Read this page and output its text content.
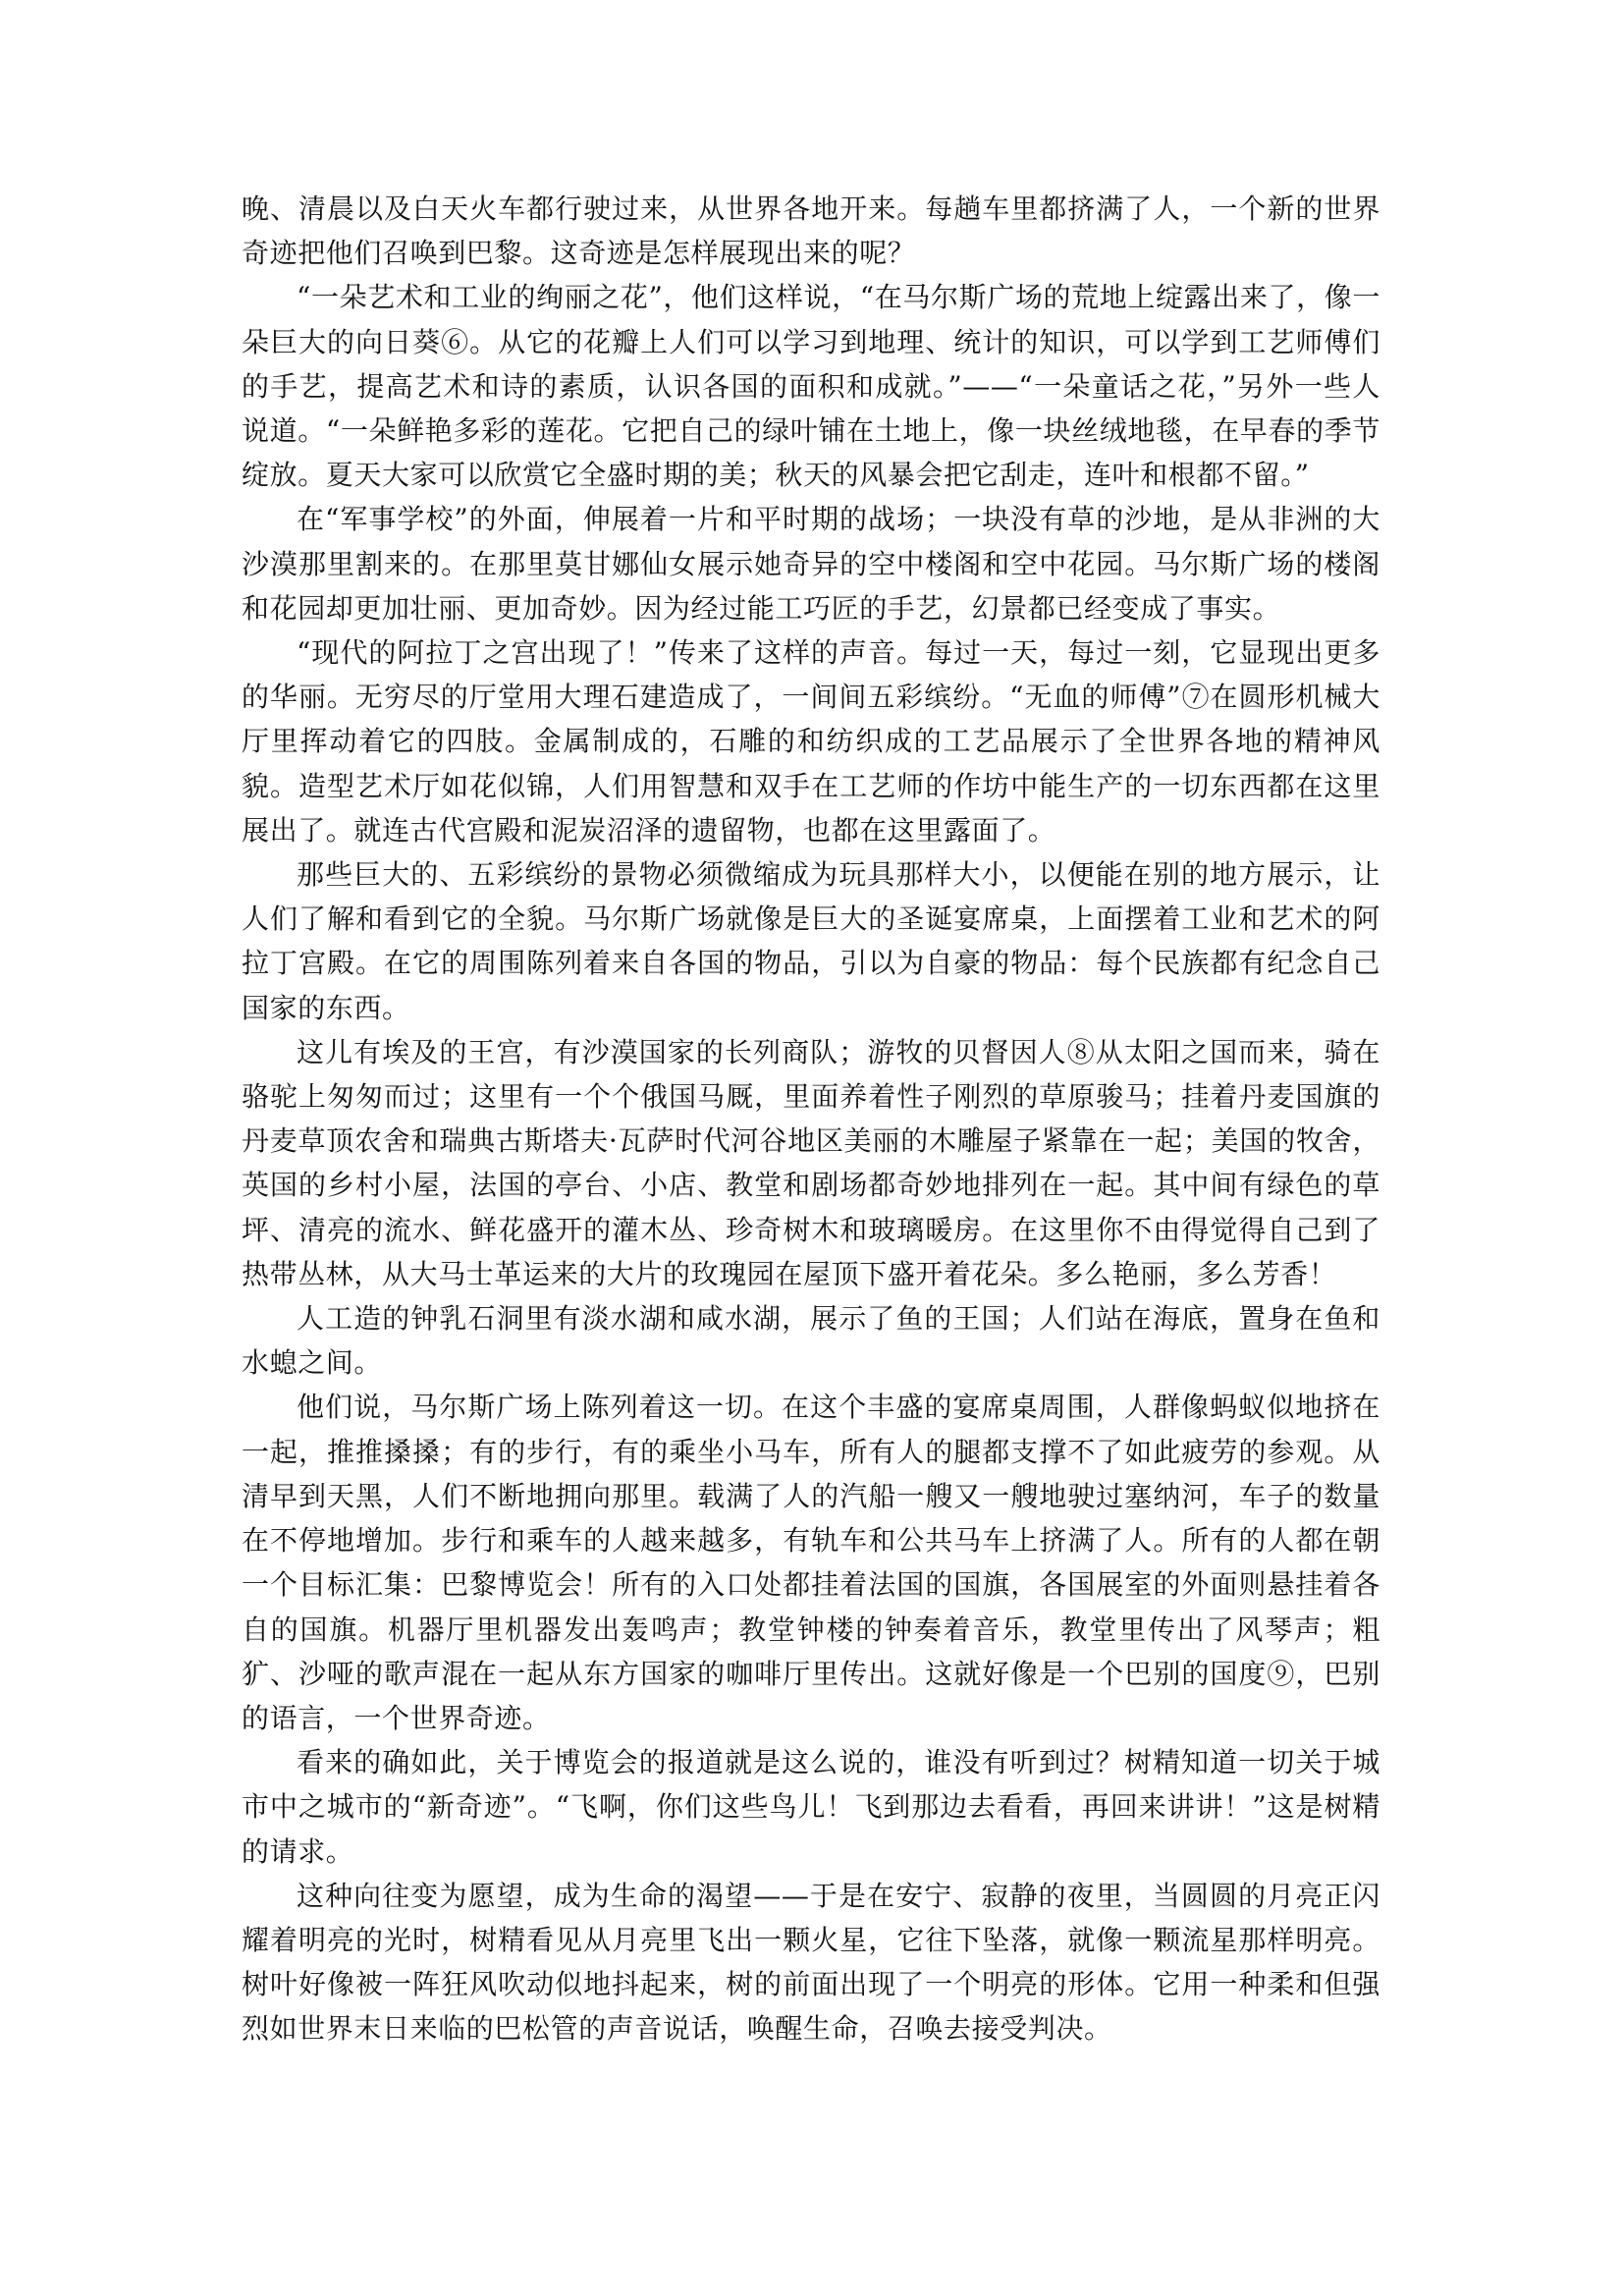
晚、清晨以及白天火车都行驶过来，从世界各地开来。每趟车里都挤满了人，一个新的世界奇迹把他们召唤到巴黎。这奇迹是怎样展现出来的呢？

“一朵艺术和工业的绚丽之花”，他们这样说，“在马尔斯广场的荒地上绽露出来了，像一朵巨大的向日葵⑥。从它的花瓣上人们可以学习到地理、统计的知识，可以学到工艺师傅们的手艺，提高艺术和诗的素质，认识各国的面积和成就。”——“一朵童话之花，”另外一些人说道。“一朵鲜艳多彩的莲花。它把自己的绿叶铺在土地上，像一块丝绒地毯，在早春的季节绽放。夏天大家可以欣赏它全盛时期的美；秋天的风暴会把它刮走，连叶和根都不留。”

在“军事学校”的外面，伸展着一片和平时期的战场；一块没有草的沙地，是从非洲的大沙漠那里割来的。在那里莫甘娜仙女展示她奇异的空中楼阁和空中花园。马尔斯广场的楼阁和花园却更加壮丽、更加奇妙。因为经过能工巧匠的手艺，幻景都已经变成了事实。

“现代的阿拉丁之宫出现了！”传来了这样的声音。每过一天，每过一刻，它显现出更多的华丽。无穷尽的厅堂用大理石建造成了，一间间五彩缤纷。“无血的师傅”⑦在圆形机械大厅里挥动着它的四肢。金属制成的，石雕的和纺织成的工艺品展示了全世界各地的精神风貌。造型艺术厅如花似锦，人们用智慧和双手在工艺师的作坊中能生产的一切东西都在这里展出了。就连古代宫殿和泥炭沼泽的遗留物，也都在这里露面了。

那些巨大的、五彩缤纷的景物必须微缩成为玩具那样大小，以便能在别的地方展示，让人们了解和看到它的全貌。马尔斯广场就像是巨大的圣诞宴席桌，上面摆着工业和艺术的阿拉丁宫殿。在它的周围陈列着来自各国的物品，引以为自豪的物品：每个民族都有纪念自己国家的东西。

这儿有埃及的王宫，有沙漠国家的长列商队；游牧的贝督因人⑧从太阳之国而来，骑在骆驼上匆匆而过；这里有一个个俄国马厩，里面养着性子刚烈的草原骏马；挂着丹麦国旗的丹麦草顶农舍和瑞典古斯塔夫·瓦萨时代河谷地区美丽的木雕屋子紧靠在一起；美国的牧舍，英国的乡村小屋，法国的亭台、小店、教堂和剧场都奇妙地排列在一起。其中间有绿色的草坪、清亮的流水、鲜花盛开的灌木丛、珍奇树木和玻璃暖房。在这里你不由得觉得自己到了热带丛林，从大马士革运来的大片的玫瑰园在屋顶下盛开着花朵。多么艳丽，多么芳香！

人工造的钟乳石洞里有淡水湖和咸水湖，展示了鱼的王国；人们站在海底，置身在鱼和水螅之间。

他们说，马尔斯广场上陈列着这一切。在这个丰盛的宴席桌周围，人群像蚂蚁似地挤在一起，推推搡搡；有的步行，有的乘坐小马车，所有人的腿都支撑不了如此疲劳的参观。从清早到天黑，人们不断地拥向那里。载满了人的汽船一艘又一艘地驶过塞纳河，车子的数量在不停地增加。步行和乘车的人越来越多，有轨车和公共马车上挤满了人。所有的人都在朝一个目标汇集：巴黎博览会！所有的入口处都挂着法国的国旗，各国展室的外面则悬挂着各自的国旗。机器厅里机器发出轰鸣声；教堂钟楼的钟奏着音乐，教堂里传出了风琴声；粗犷、沙哑的歌声混在一起从东方国家的咖啡厅里传出。这就好像是一个巴别的国度⑨，巴别的语言，一个世界奇迹。

看来的确如此，关于博览会的报道就是这么说的，谁没有听到过？树精知道一切关于城市中之城市的“新奇迹”。“飞啊，你们这些鸟儿！飞到那边去看看，再回来讲讲！”这是树精的请求。

这种向往变为愿望，成为生命的渴望——于是在安宁、寂静的夜里，当圆圆的月亮正闪耀着明亮的光时，树精看见从月亮里飞出一颗火星，它往下坠落，就像一颗流星那样明亮。树叶好像被一阵狂风吹动似地抖起来，树的前面出现了一个明亮的形体。它用一种柔和但强烈如世界末日来临的巴松管的声音说话，唤醒生命，召唤去接受判决。
